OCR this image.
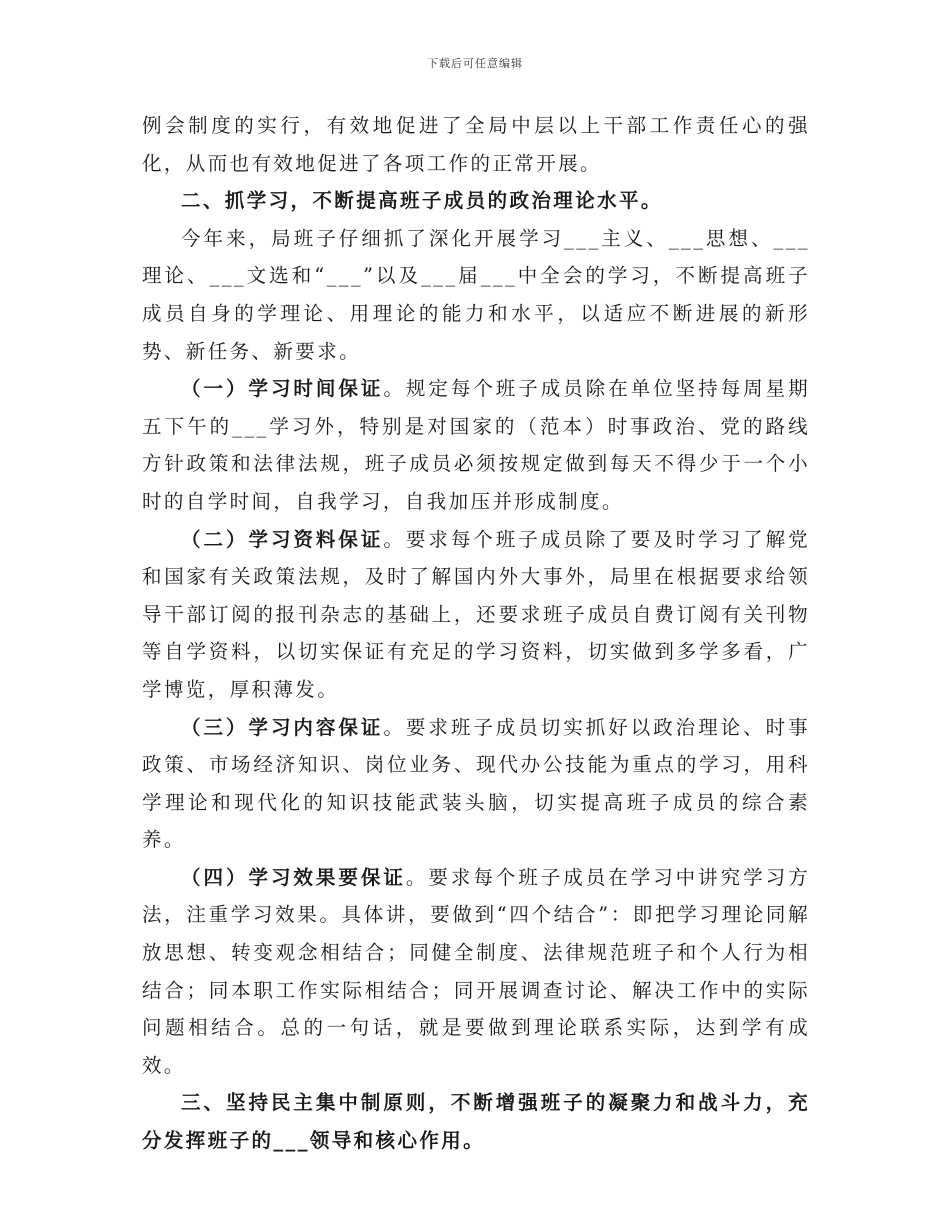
下载后可任意编辑

例会制度的实行，有效地促进了全局中层以上干部工作责任心的强化，从而也有效地促进了各项工作的正常开展。

二、抓学习，不断提高班子成员的政治理论水平。

今年来，局班子仔细抓了深化开展学习___主义、___思想、___理论、___文选和“___”以及___届___中全会的学习，不断提高班子成员自身的学理论、用理论的能力和水平，以适应不断进展的新形势、新任务、新要求。

（一）学习时间保证。规定每个班子成员除在单位坚持每周星期五下午的___学习外，特别是对国家的（范本）时事政治、党的路线方针政策和法律法规，班子成员必须按规定做到每天不得少于一个小时的自学时间，自我学习，自我加压并形成制度。

（二）学习资料保证。要求每个班子成员除了要及时学习了解党和国家有关政策法规，及时了解国内外大事外，局里在根据要求给领导干部订阅的报刊杂志的基础上，还要求班子成员自费订阅有关刊物等自学资料，以切实保证有充足的学习资料，切实做到多学多看，广学博览，厚积薄发。

（三）学习内容保证。要求班子成员切实抓好以政治理论、时事政策、市场经济知识、岗位业务、现代办公技能为重点的学习，用科学理论和现代化的知识技能武装头脑，切实提高班子成员的综合素养。

（四）学习效果要保证。要求每个班子成员在学习中讲究学习方法，注重学习效果。具体讲，要做到“四个结合”：即把学习理论同解放思想、转变观念相结合；同健全制度、法律规范班子和个人行为相结合；同本职工作实际相结合；同开展调查讨论、解决工作中的实际问题相结合。总的一句话，就是要做到理论联系实际，达到学有成效。

三、坚持民主集中制原则，不断增强班子的凝聚力和战斗力，充分发挥班子的___领导和核心作用。
